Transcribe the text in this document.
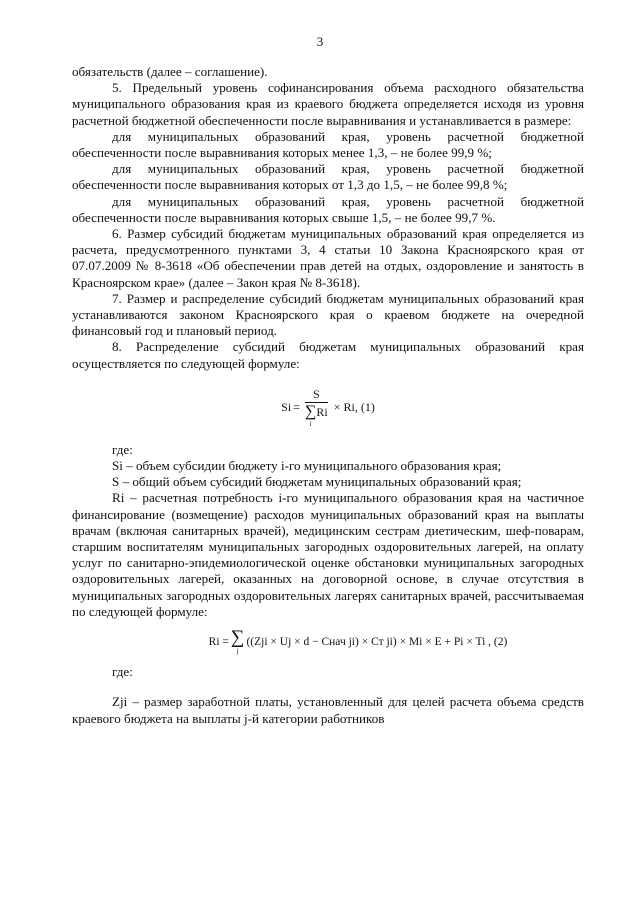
3

обязательств (далее – соглашение).

5. Предельный уровень софинансирования объема расходного обязательства муниципального образования края из краевого бюджета определяется исходя из уровня расчетной бюджетной обеспеченности после выравнивания и устанавливается в размере:

для муниципальных образований края, уровень расчетной бюджетной обеспеченности после выравнивания которых менее 1,3, – не более 99,9 %;

для муниципальных образований края, уровень расчетной бюджетной обеспеченности после выравнивания которых от 1,3 до 1,5, – не более 99,8 %;

для муниципальных образований края, уровень расчетной бюджетной обеспеченности после выравнивания которых свыше 1,5, – не более 99,7 %.

6. Размер субсидий бюджетам муниципальных образований края определяется из расчета, предусмотренного пунктами 3, 4 статьи 10 Закона Красноярского края от 07.07.2009 № 8-3618 «Об обеспечении прав детей на отдых, оздоровление и занятость в Красноярском крае» (далее – Закон края № 8-3618).

7. Размер и распределение субсидий бюджетам муниципальных образований края устанавливаются законом Красноярского края о краевом бюджете на очередной финансовый год и плановый период.

8. Распределение субсидий бюджетам муниципальных образований края осуществляется по следующей формуле:

Si = S
∑
i
Ri × Ri , (1)

где:

Si – объем субсидии бюджету i-го муниципального образования края;

S – общий объем субсидий бюджетам муниципальных образований края;

Ri – расчетная потребность i-го муниципального образования края на частичное финансирование (возмещение) расходов муниципальных образований края на выплаты врачам (включая санитарных врачей), медицинским сестрам диетическим, шеф-поварам, старшим воспитателям муниципальных загородных оздоровительных лагерей, на оплату услуг по санитарно-эпидемиологической оценке обстановки муниципальных загородных оздоровительных лагерей, оказанных на договорной основе, в случае отсутствия в муниципальных загородных оздоровительных лагерях санитарных врачей, рассчитываемая по следующей формуле:

Ri = ∑
j
((Zji × Uj × d − Снач ji) × Ст ji) × Mi × E + Pi × Ti , (2)

где:

Zji – размер заработной платы, установленный для целей расчета объема средств краевого бюджета на выплаты j-й категории работников
